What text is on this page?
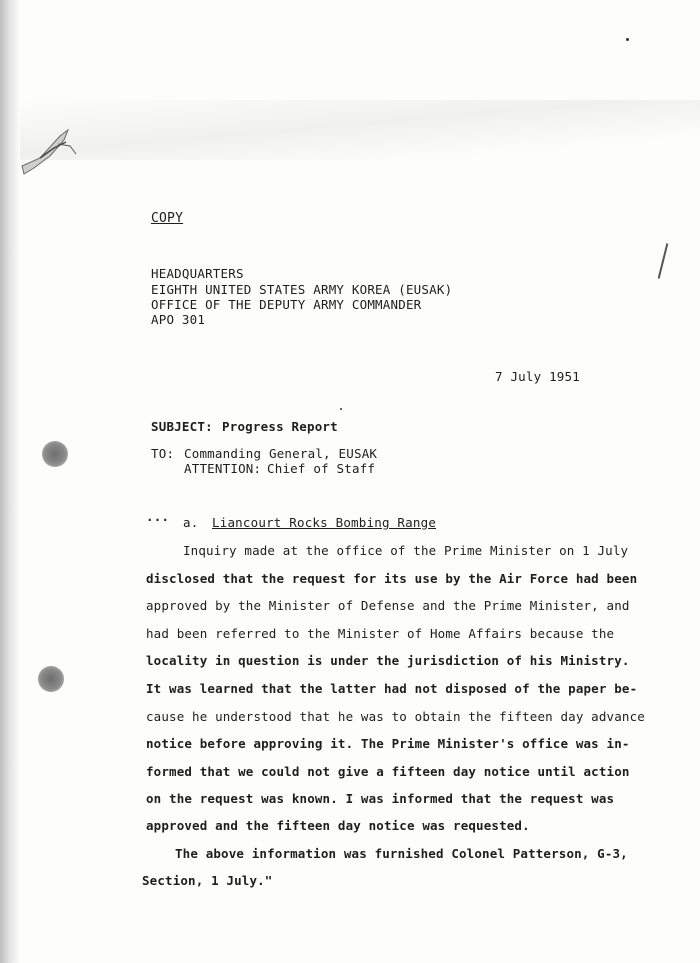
COPY
HEADQUARTERS
EIGHTH UNITED STATES ARMY KOREA (EUSAK)
OFFICE OF THE DEPUTY ARMY COMMANDER
APO 301
7 July 1951
SUBJECT: Progress Report
TO: Commanding General, EUSAK
ATTENTION: Chief of Staff
... a. Liancourt Rocks Bombing Range
Inquiry made at the office of the Prime Minister on 1 July
disclosed that the request for its use by the Air Force had been
approved by the Minister of Defense and the Prime Minister, and
had been referred to the Minister of Home Affairs because the
locality in question is under the jurisdiction of his Ministry.
It was learned that the latter had not disposed of the paper be-
cause he understood that he was to obtain the fifteen day advance
notice before approving it. The Prime Minister's office was in-
formed that we could not give a fifteen day notice until action
on the request was known. I was informed that the request was
approved and the fifteen day notice was requested.
The above information was furnished Colonel Patterson, G-3,
Section, 1 July."
